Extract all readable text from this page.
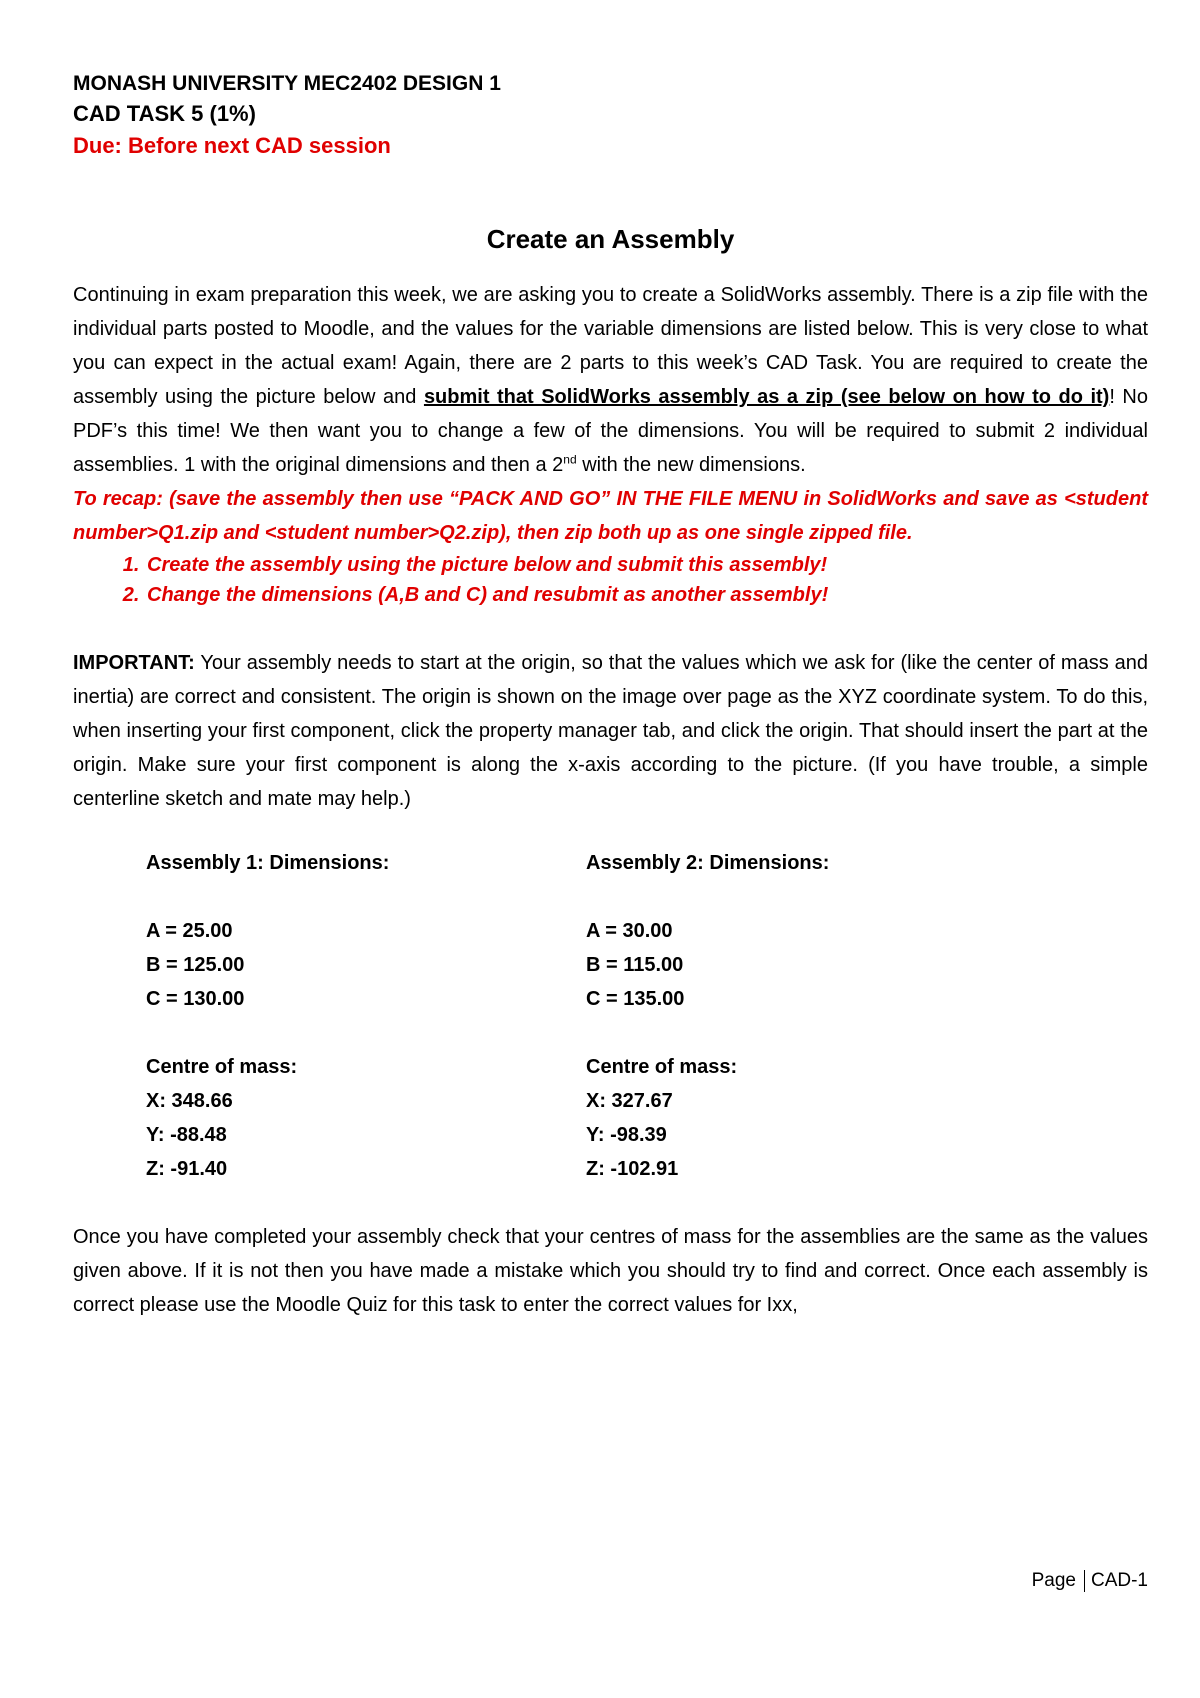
MONASH UNIVERSITY MEC2402 DESIGN 1

CAD TASK 5 (1%)

Due: Before next CAD session

Create an Assembly

Continuing in exam preparation this week, we are asking you to create a SolidWorks assembly. There is a zip file with the individual parts posted to Moodle, and the values for the variable dimensions are listed below. This is very close to what you can expect in the actual exam! Again, there are 2 parts to this week’s CAD Task. You are required to create the assembly using the picture below and submit that SolidWorks assembly as a zip (see below on how to do it)! No PDF’s this time! We then want you to change a few of the dimensions. You will be required to submit 2 individual assemblies. 1 with the original dimensions and then a 2nd with the new dimensions.

To recap: (save the assembly then use “PACK AND GO” IN THE FILE MENU in SolidWorks and save as <student number>Q1.zip and <student number>Q2.zip), then zip both up as one single zipped file.

1. Create the assembly using the picture below and submit this assembly!
2. Change the dimensions (A,B and C) and resubmit as another assembly!

IMPORTANT: Your assembly needs to start at the origin, so that the values which we ask for (like the center of mass and inertia) are correct and consistent. The origin is shown on the image over page as the XYZ coordinate system. To do this, when inserting your first component, click the property manager tab, and click the origin. That should insert the part at the origin. Make sure your first component is along the x-axis according to the picture. (If you have trouble, a simple centerline sketch and mate may help.)

Assembly 1: Dimensions:

A = 25.00

B = 125.00

C = 130.00

Centre of mass:

X: 348.66

Y: -88.48

Z: -91.40

Assembly 2: Dimensions:

A = 30.00

B = 115.00

C = 135.00

Centre of mass:

X: 327.67

Y: -98.39

Z: -102.91

Once you have completed your assembly check that your centres of mass for the assemblies are the same as the values given above. If it is not then you have made a mistake which you should try to find and correct. Once each assembly is correct please use the Moodle Quiz for this task to enter the correct values for Ixx,

Page CAD-1
